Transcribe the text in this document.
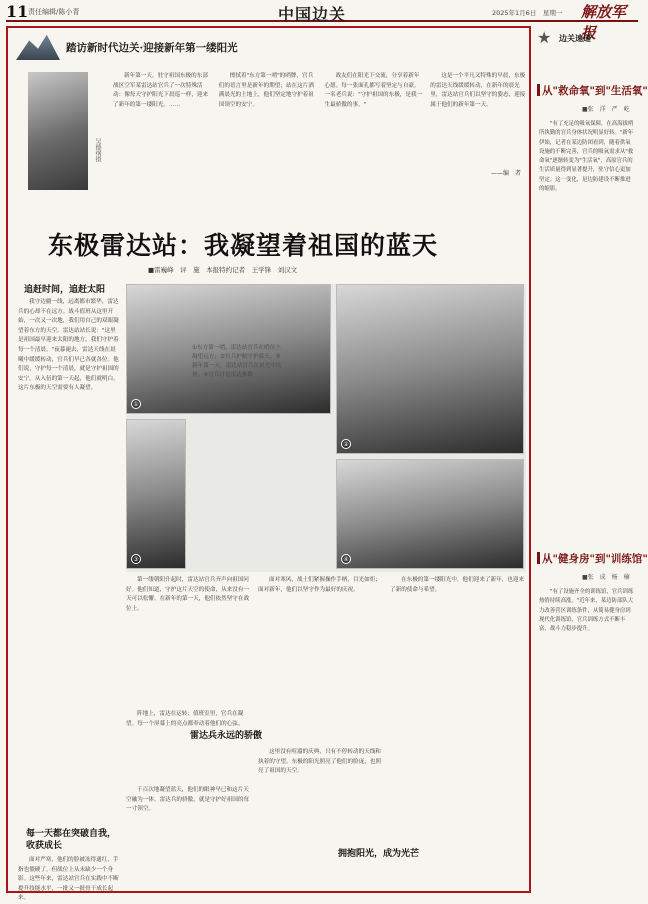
11 责任编辑/陈小青	中国边关	2025年1月6日　星期一 解放军报
踏访新时代边关·迎接新年第一缕阳光
吴德纲摄

新年第一天，驻守祖国东极的东部战区空军某雷达站官兵了一次特殊活动：像每天守护阳光下晨巡一样，迎来了新年的第一缕阳光。……

擦拭着"东方第一哨"的哨牌，官兵们的语言里是新年的期望；站在这片洒满晨光的土地上，他们坚定地守护着祖国领空的安宁。

战友们在阳光下交流，分享着新年心愿。每一张面孔都写着坚定与自豪。一名老兵说："守护祖国的东极，是我一生最骄傲的事。"

这是一个平凡又特殊的早晨，东极的雷达天线缓缓转动，在新年的晨光里，雷达站官兵们以坚守的姿态，迎接属于他们的新年第一天。

——编　者
东极雷达站：我凝望着祖国的蓝天
■雷巍峰　评　施　本报特约记者　王学锋　刘汉文
追赶时间，追赶太阳

我守边疆一线，远离都市繁华，雷达兵的心却不在远方。战斗值班从这里开始，一次又一次地，我们用自己的双眼凝望着东方的天空。雷达站站长说："这里是祖国最早迎来太阳的地方，我们守护着每一个清晨。"夜幕褪去，雷达天线在晨曦中缓缓转动，官兵们早已各就各位。他们说，守护每一个清晨，就是守护祖国的安宁。从入伍的第一天起，他们就明白，这片东极的天空需要有人凝望。

每一天都在突破自我，收获成长

面对严寒，他们的脸被冻得通红，手指也僵硬了，但战位上从未缺少一个身影。这些年来，雷达站官兵在实践中不断提升技能水平，一批又一批骨干成长起来。

①
②
③	④
①东方第一哨，雷达站官兵在哨位上凝望远方；②官兵护航守护蓝天；③新年第一天，雷达站官兵在晨光中庆祝；④官兵讨论雷达参数

第一缕朝阳升起时，雷达站官兵齐声向祖国问好。他们知道，守护这片天空的使命，从来没有一天可以松懈。在新年的第一天，他们依然坚守在战位上。

阵地上，雷达在运转；值班室里，官兵在凝望。每一个屏幕上的亮点都牵动着他们的心弦。

雷达兵永远的骄傲

千百次地凝望蓝天，他们的眼神早已和这片天空融为一体。雷达兵的骄傲，就是守护好祖国的每一寸领空。

面对寒风，战士们紧握操作手柄，目光如炬；面对新年，他们以坚守作为最好的庆祝。

这里没有喧嚣的庆典，只有不停转动的天线和执着的守望。东极的阳光照亮了他们的脸庞，也照亮了祖国的天空。

拥抱阳光，成为光芒

在东极的第一缕阳光中，他们迎来了新年，也迎来了新的使命与希望。

★ 边关速递
从"救命氧"到"生活氧"
■张　洋　严　屹

"有了充足的吸氧保障，在高海拔哨所执勤的官兵身体状况明显好转。"新年伊始，记者在某边防团看到，随着供氧设施的不断完善，官兵的吸氧需求从"救命氧"逐渐转变为"生活氧"，高原官兵的生活质量得到显著提升，驻守信心更加坚定。这一变化，是边防建设不断推进的缩影。

从"健身房"到"训练馆"
■张　成　杨　楠

"有了设施齐全的训练馆，官兵训练热情持续高涨。"近年来，某边防部队大力改善营区训练条件，从简易健身房到现代化训练馆，官兵训练方式不断丰富，战斗力稳步提升。
